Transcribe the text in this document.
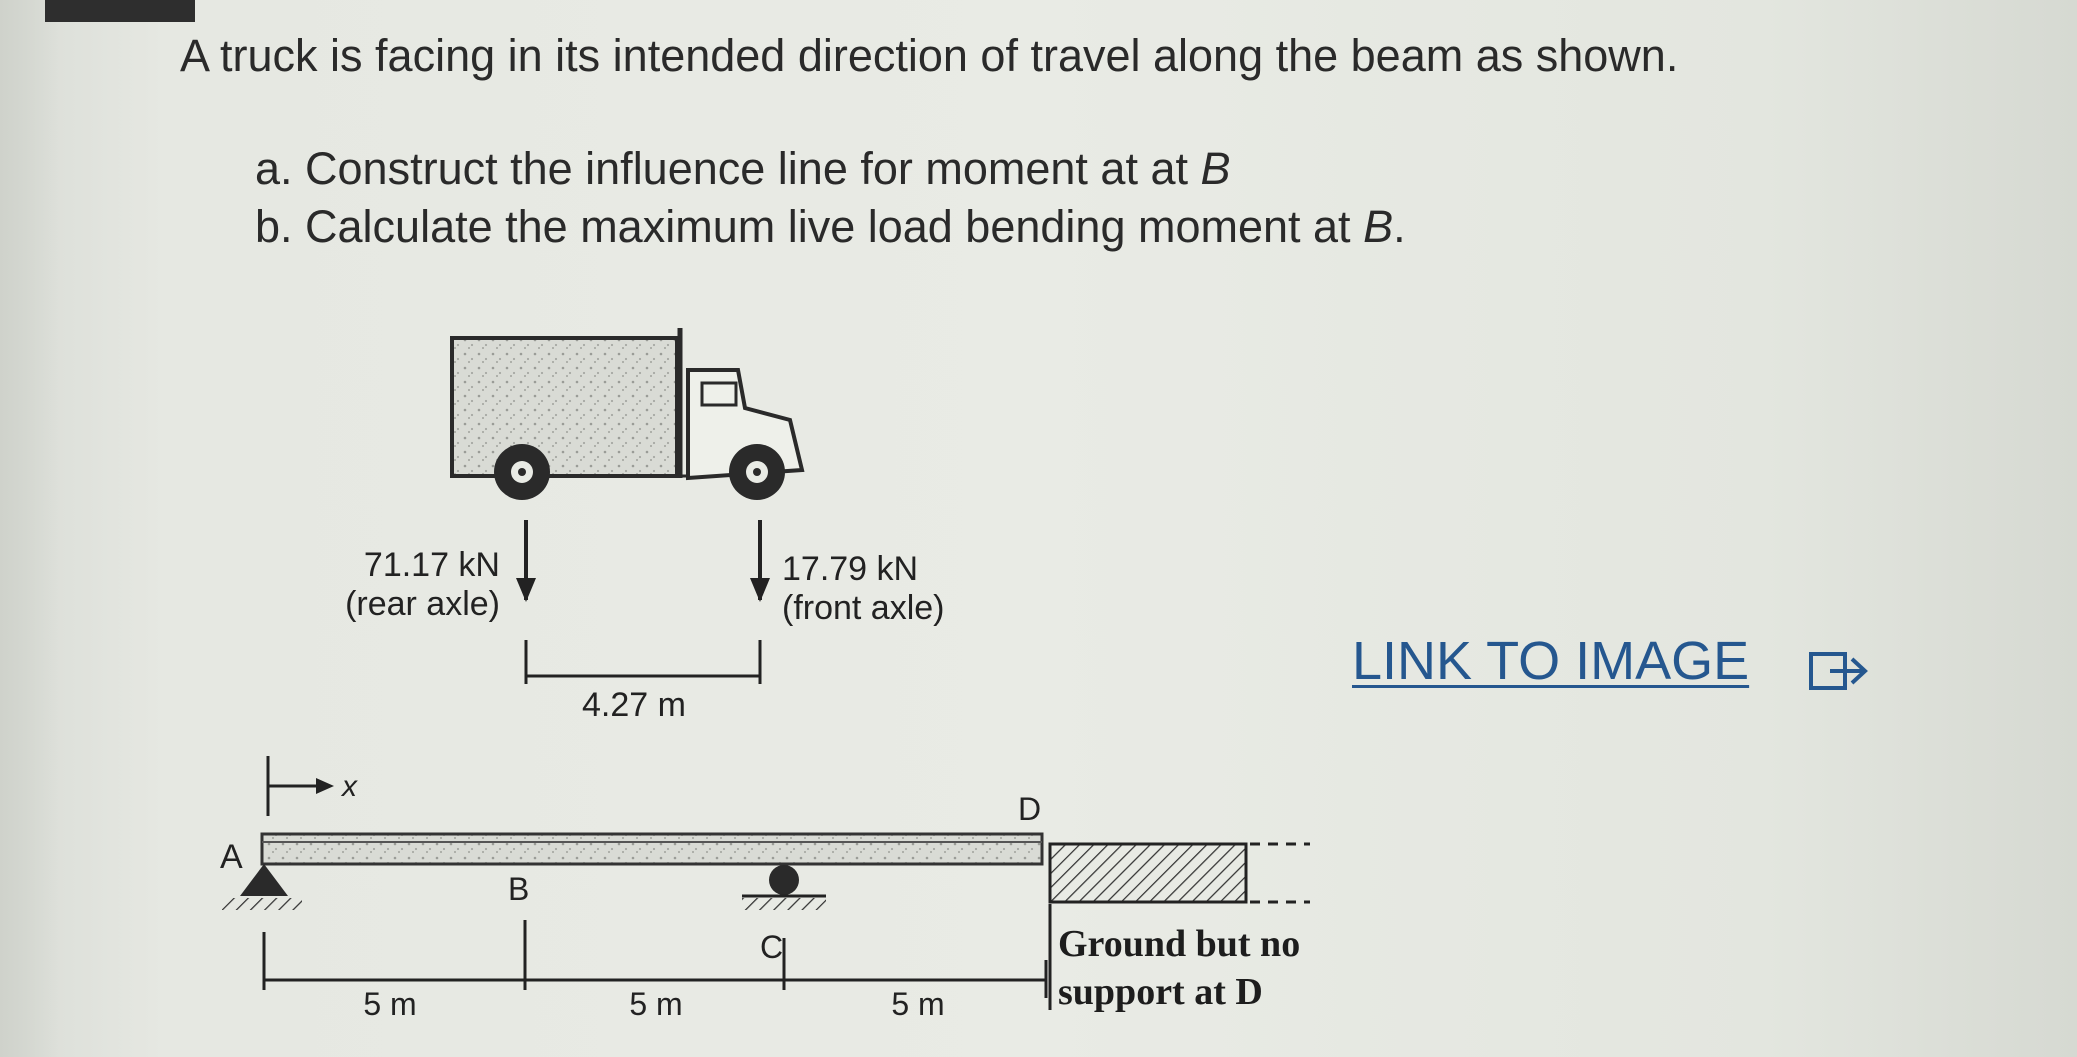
A truck is facing in its intended direction of travel along the beam as shown.
a. Construct the influence line for moment at at B
b. Calculate the maximum live load bending moment at B.
LINK TO IMAGE
71.17 kN
(rear axle)
17.79 kN
(front axle)
4.27 m
x
A
B
C
D
5 m	5 m	5 m
Ground but no
support at D
